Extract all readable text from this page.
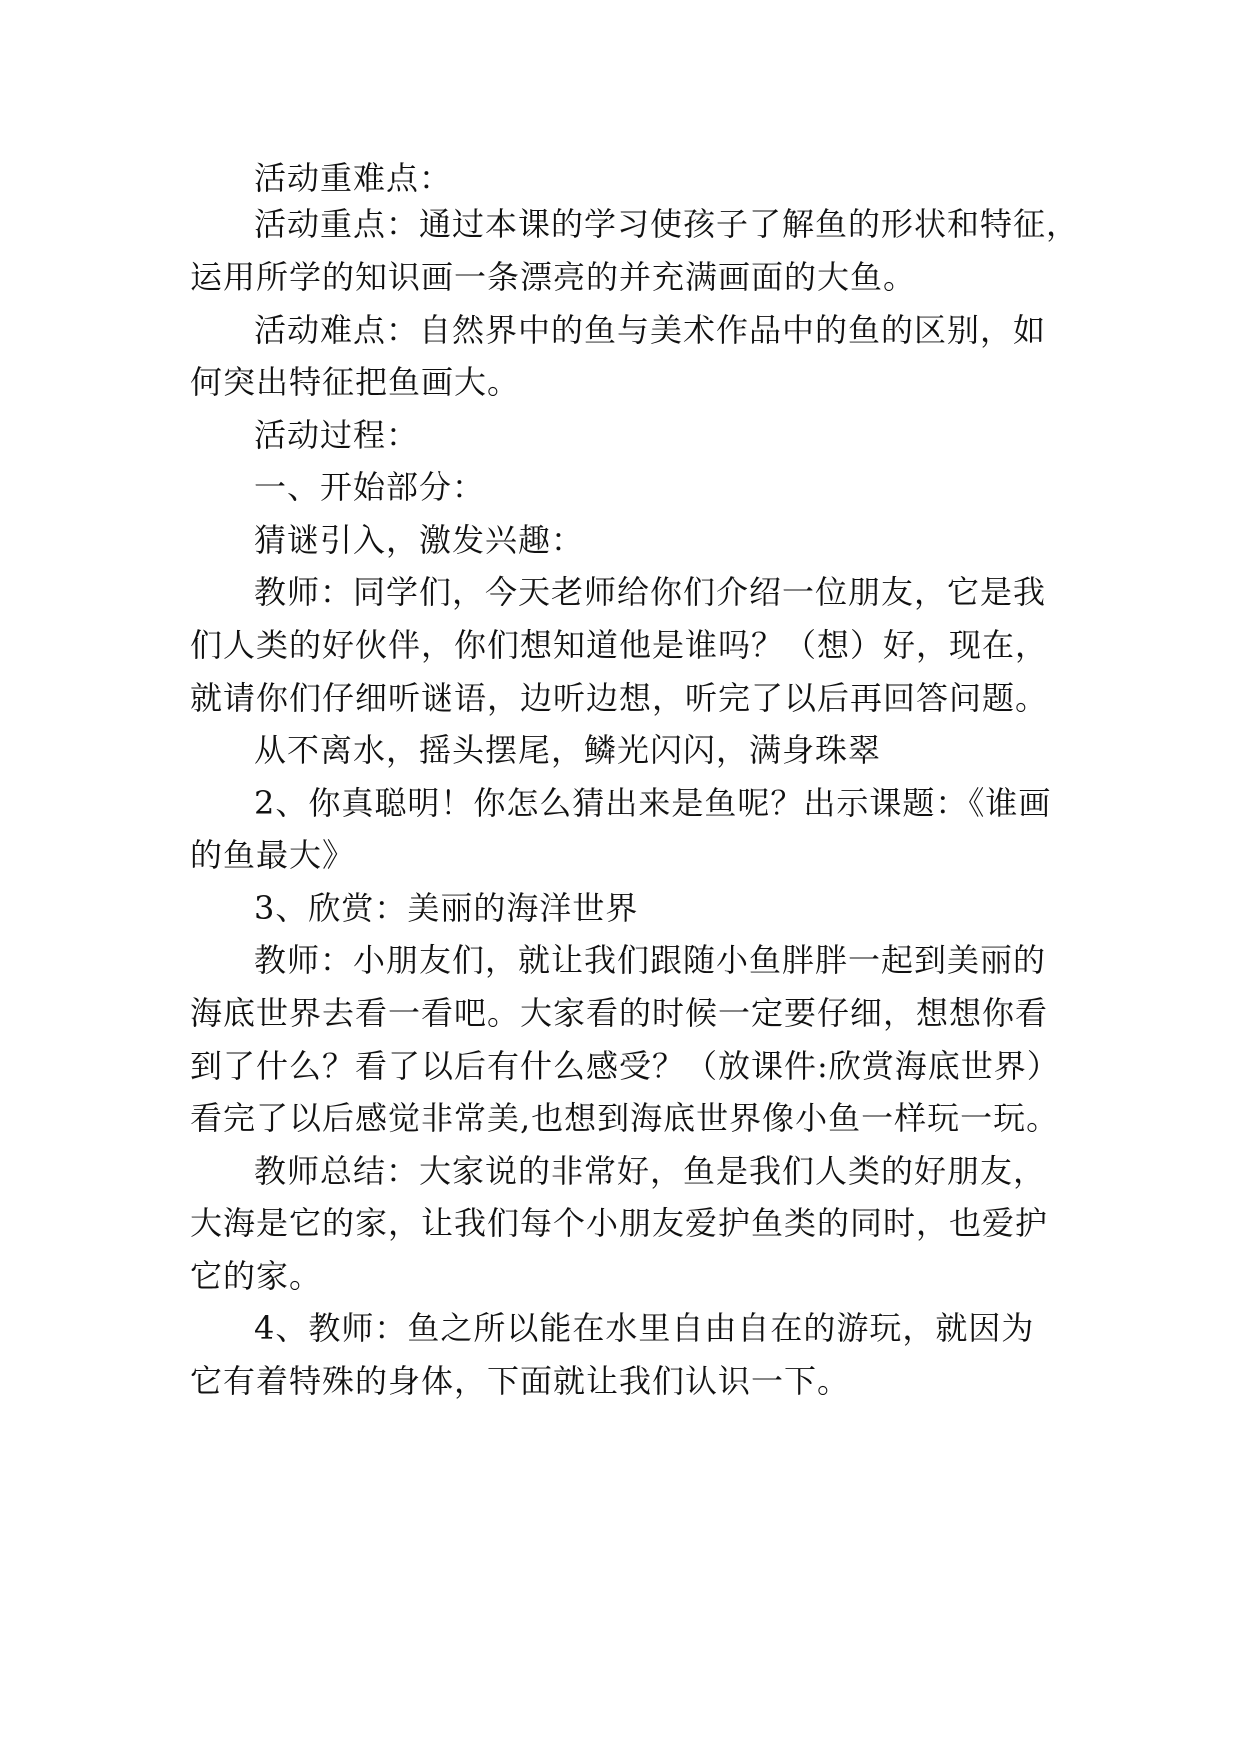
活动重难点：
活动重点：通过本课的学习使孩子了解鱼的形状和特征，
运用所学的知识画一条漂亮的并充满画面的大鱼。
活动难点：自然界中的鱼与美术作品中的鱼的区别，如
何突出特征把鱼画大。
活动过程：
一、开始部分：
猜谜引入，激发兴趣：
教师：同学们，今天老师给你们介绍一位朋友，它是我
们人类的好伙伴，你们想知道他是谁吗？（想）好，现在，
就请你们仔细听谜语，边听边想，听完了以后再回答问题。
从不离水，摇头摆尾，鳞光闪闪，满身珠翠
2、你真聪明！你怎么猜出来是鱼呢？出示课题：《谁画
的鱼最大》
3、欣赏：美丽的海洋世界
教师：小朋友们，就让我们跟随小鱼胖胖一起到美丽的
海底世界去看一看吧。大家看的时候一定要仔细，想想你看
到了什么？看了以后有什么感受？（放课件:欣赏海底世界）
看完了以后感觉非常美,也想到海底世界像小鱼一样玩一玩。
教师总结：大家说的非常好，鱼是我们人类的好朋友，
大海是它的家，让我们每个小朋友爱护鱼类的同时，也爱护
它的家。
4、教师：鱼之所以能在水里自由自在的游玩，就因为
它有着特殊的身体，下面就让我们认识一下。
